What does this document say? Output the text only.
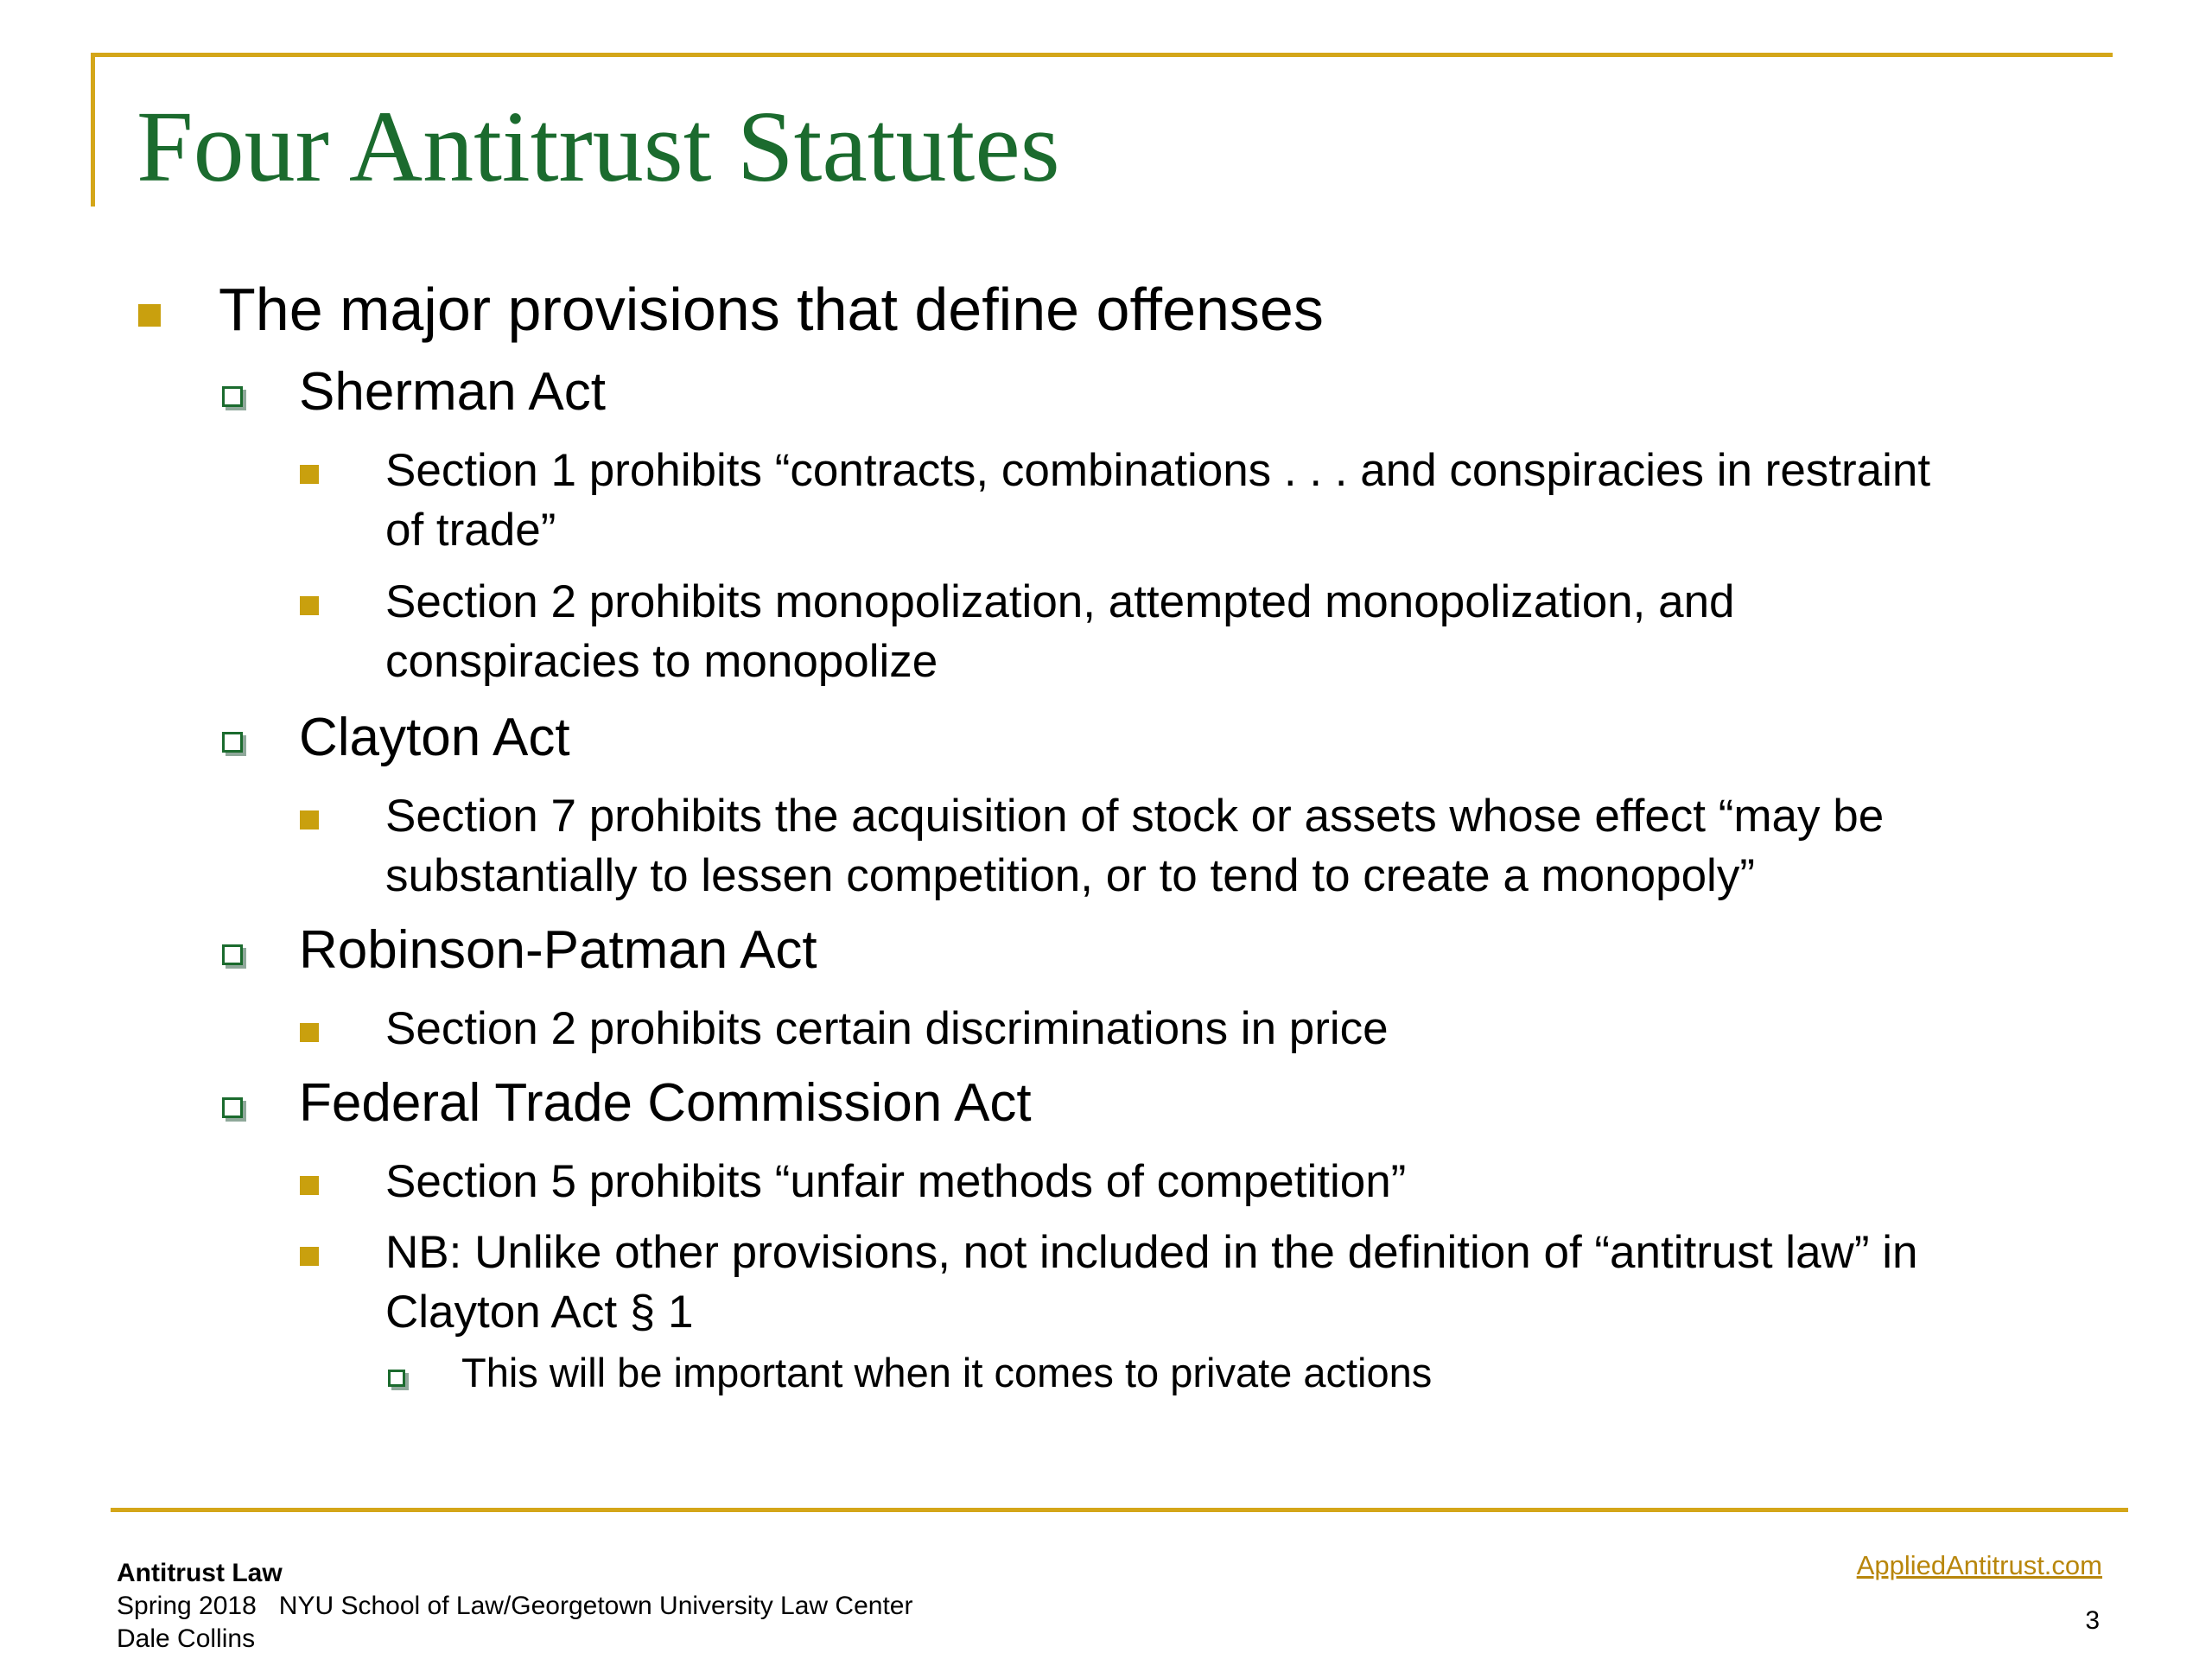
Four Antitrust Statutes
The major provisions that define offenses
Sherman Act
Section 1 prohibits “contracts, combinations . . . and conspiracies in restraint
of trade”
Section 2 prohibits monopolization, attempted monopolization, and
conspiracies to monopolize
Clayton Act
Section 7 prohibits the acquisition of stock or assets whose effect “may be
substantially to lessen competition, or to tend to create a monopoly”
Robinson-Patman Act
Section 2 prohibits certain discriminations in price
Federal Trade Commission Act
Section 5 prohibits “unfair methods of competition”
NB: Unlike other provisions, not included in the definition of “antitrust law” in
Clayton Act § 1
This will be important when it comes to private actions
Antitrust Law
Spring 2018 NYU School of Law/Georgetown University Law Center
Dale Collins
AppliedAntitrust.com
3
